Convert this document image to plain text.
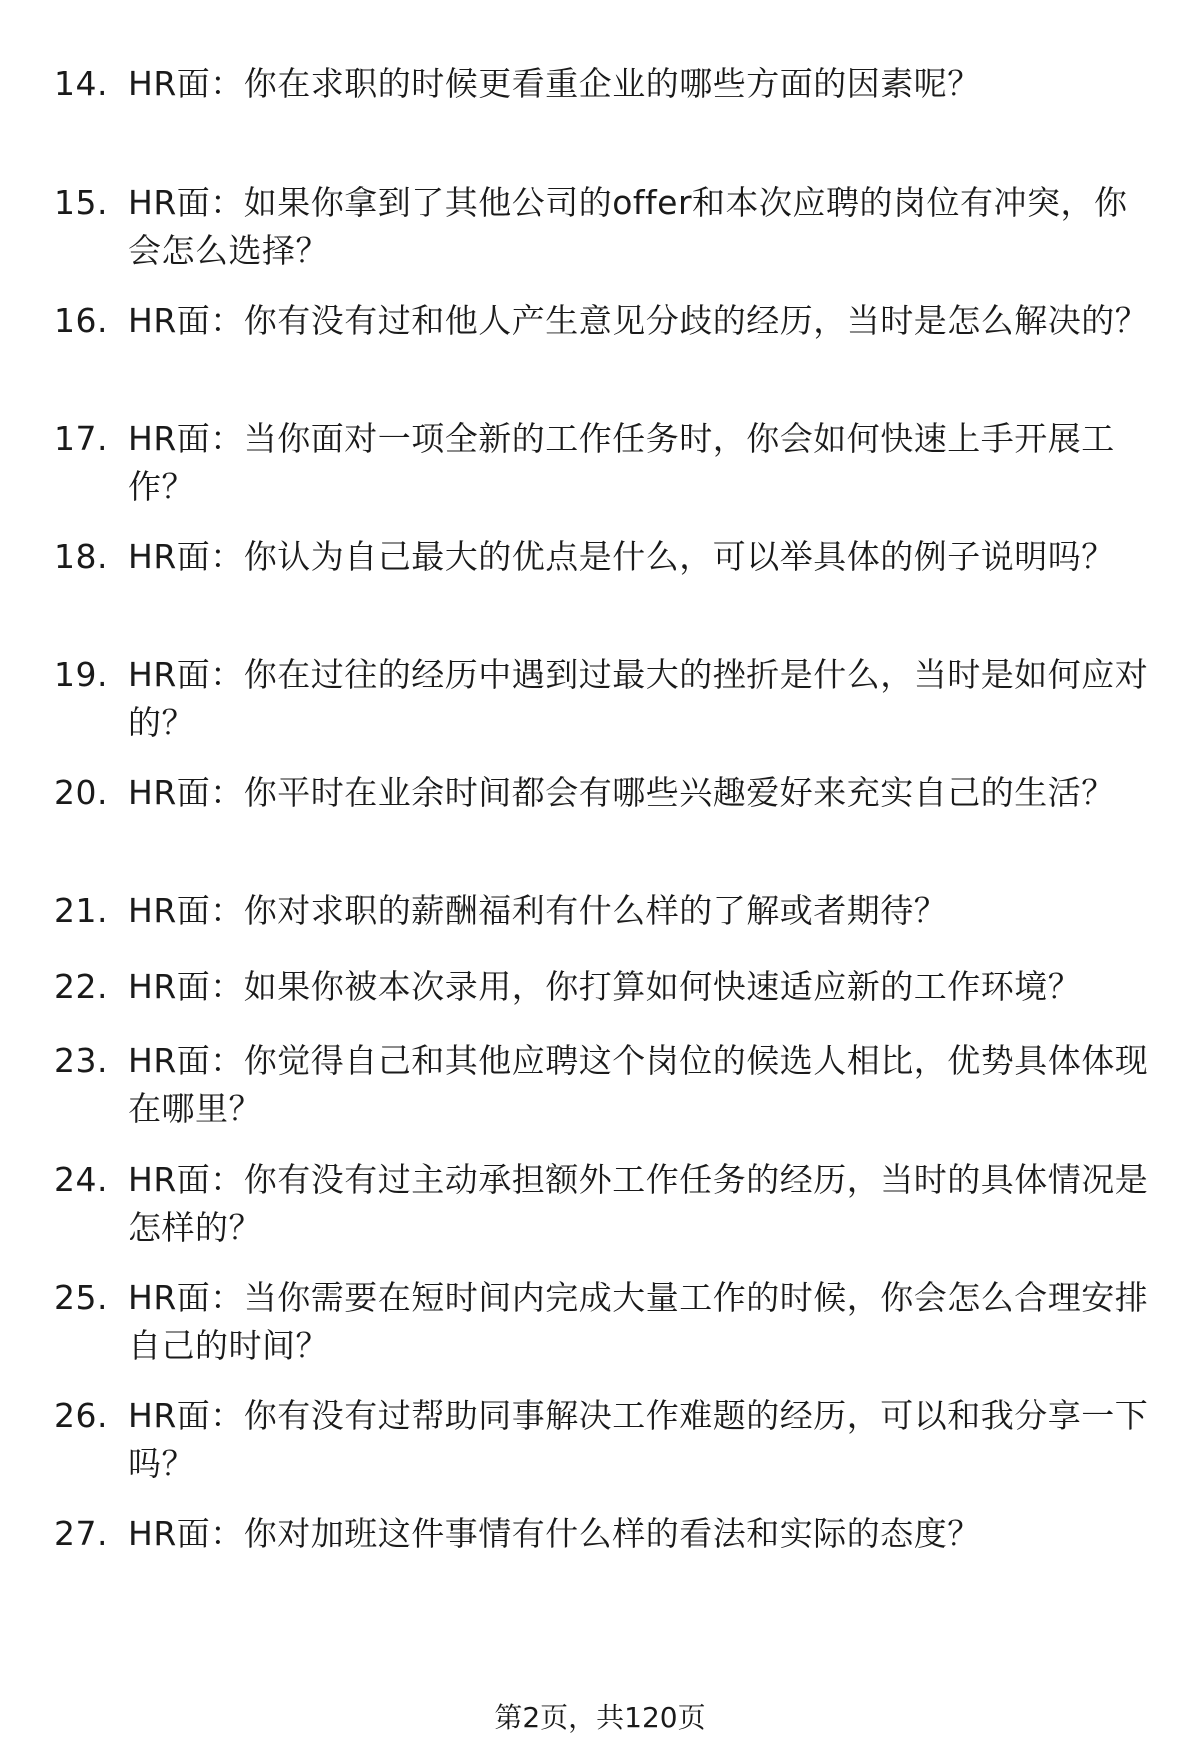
14. HR面：你在求职的时候更看重企业的哪些方面的因素呢？
15. HR面：如果你拿到了其他公司的offer和本次应聘的岗位有冲突，你会怎么选择？
16. HR面：你有没有过和他人产生意见分歧的经历，当时是怎么解决的？
17. HR面：当你面对一项全新的工作任务时，你会如何快速上手开展工作？
18. HR面：你认为自己最大的优点是什么，可以举具体的例子说明吗？
19. HR面：你在过往的经历中遇到过最大的挫折是什么，当时是如何应对的？
20. HR面：你平时在业余时间都会有哪些兴趣爱好来充实自己的生活？
21. HR面：你对求职的薪酬福利有什么样的了解或者期待？
22. HR面：如果你被本次录用，你打算如何快速适应新的工作环境？
23. HR面：你觉得自己和其他应聘这个岗位的候选人相比，优势具体体现在哪里？
24. HR面：你有没有过主动承担额外工作任务的经历，当时的具体情况是怎样的？
25. HR面：当你需要在短时间内完成大量工作的时候，你会怎么合理安排自己的时间？
26. HR面：你有没有过帮助同事解决工作难题的经历，可以和我分享一下吗？
27. HR面：你对加班这件事情有什么样的看法和实际的态度？
第2页，共120页
